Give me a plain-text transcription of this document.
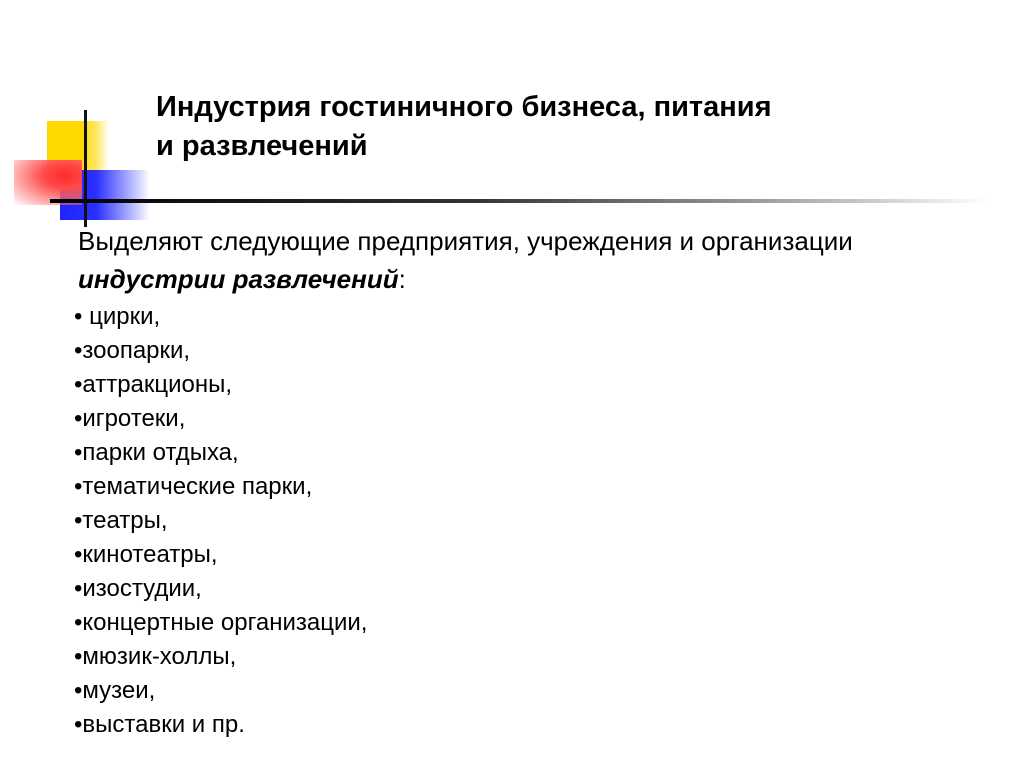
Индустрия гостиничного бизнеса, питания
и развлечений

Выделяют следующие предприятия, учреждения и организации индустрии развлечений:

• цирки,
•зоопарки,
•аттракционы,
•игротеки,
•парки отдыха,
•тематические парки,
•театры,
•кинотеатры,
•изостудии,
•концертные организации,
•мюзик-холлы,
•музеи,
•выставки и пр.
